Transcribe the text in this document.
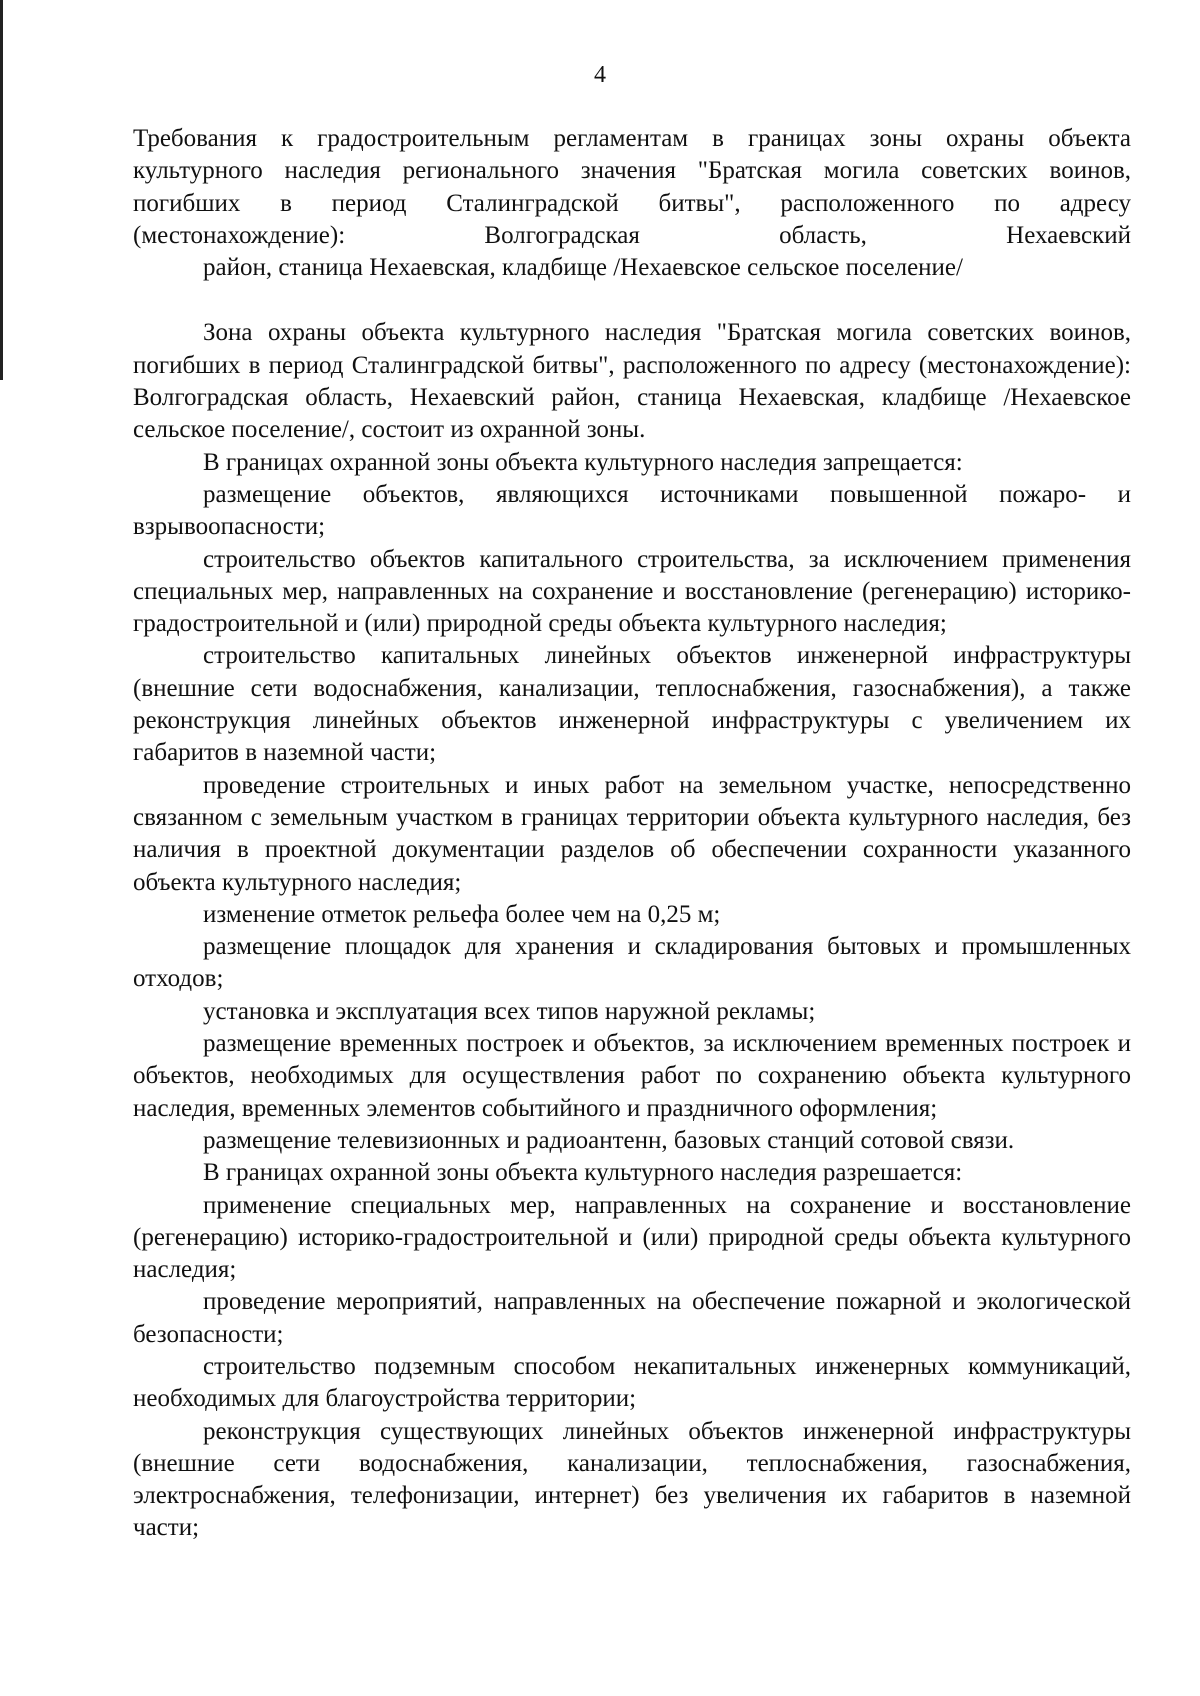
4
Требования к градостроительным регламентам в границах зоны охраны объекта
культурного наследия регионального значения "Братская могила советских воинов,
погибших в период Сталинградской битвы", расположенного по адресу
(местонахождение): Волгоградская область, Нехаевский
район, станица Нехаевская, кладбище /Нехаевское сельское поселение/

Зона охраны объекта культурного наследия "Братская могила советских воинов, погибших в период Сталинградской битвы", расположенного по адресу (местонахождение): Волгоградская область, Нехаевский район, станица Нехаевская, кладбище /Нехаевское сельское поселение/, состоит из охранной зоны.

В границах охранной зоны объекта культурного наследия запрещается:

размещение объектов, являющихся источниками повышенной пожаро- и взрывоопасности;

строительство объектов капитального строительства, за исключением применения специальных мер, направленных на сохранение и восстановление (регенерацию) историко-градостроительной и (или) природной среды объекта культурного наследия;

строительство капитальных линейных объектов инженерной инфраструктуры (внешние сети водоснабжения, канализации, теплоснабжения, газоснабжения), а также реконструкция линейных объектов инженерной инфраструктуры с увеличением их габаритов в наземной части;

проведение строительных и иных работ на земельном участке, непосредственно связанном с земельным участком в границах территории объекта культурного наследия, без наличия в проектной документации разделов об обеспечении сохранности указанного объекта культурного наследия;

изменение отметок рельефа более чем на 0,25 м;

размещение площадок для хранения и складирования бытовых и промышленных отходов;

установка и эксплуатация всех типов наружной рекламы;

размещение временных построек и объектов, за исключением временных построек и объектов, необходимых для осуществления работ по сохранению объекта культурного наследия, временных элементов событийного и праздничного оформления;

размещение телевизионных и радиоантенн, базовых станций сотовой связи.

В границах охранной зоны объекта культурного наследия разрешается:

применение специальных мер, направленных на сохранение и восстановление (регенерацию) историко-градостроительной и (или) природной среды объекта культурного наследия;

проведение мероприятий, направленных на обеспечение пожарной и экологической безопасности;

строительство подземным способом некапитальных инженерных коммуникаций, необходимых для благоустройства территории;

реконструкция существующих линейных объектов инженерной инфраструктуры (внешние сети водоснабжения, канализации, теплоснабжения, газоснабжения, электроснабжения, телефонизации, интернет) без увеличения их габаритов в наземной части;
